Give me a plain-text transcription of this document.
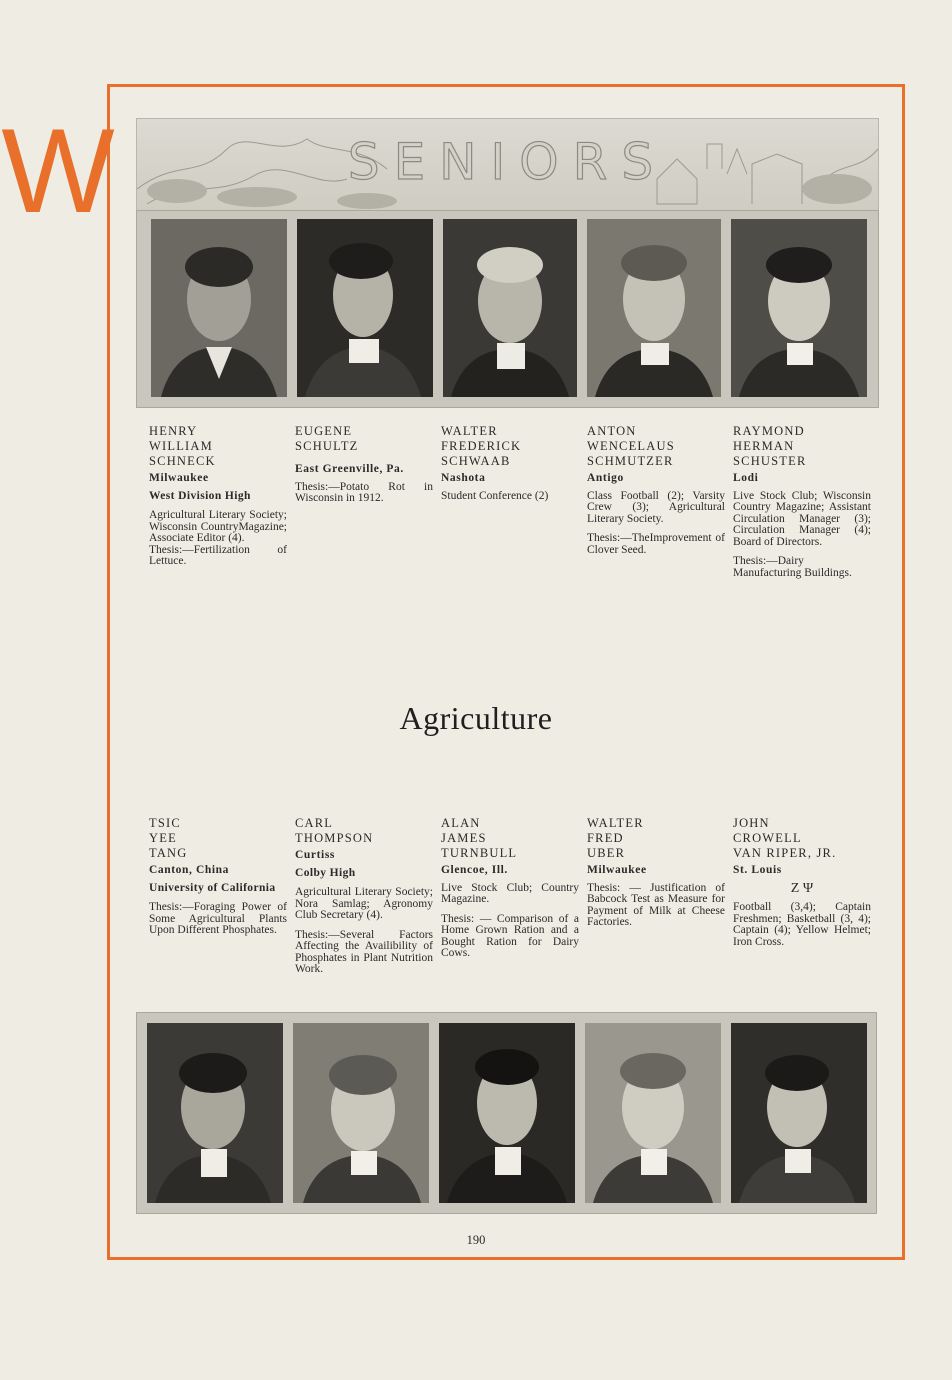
W	SENIORS
HENRY
WILLIAM
SCHNECK
Milwaukee
West Division High
Agricultural Literary Society; Wisconsin CountryMagazine; Associate Editor (4).
Thesis:—Fertilization of Lettuce.
EUGENE
SCHULTZ
East Greenville, Pa.
Thesis:—Potato Rot in Wisconsin in 1912.
WALTER
FREDERICK
SCHWAAB
Nashota
Student Conference (2)
ANTON
WENCELAUS
SCHMUTZER
Antigo
Class Football (2); Varsity Crew (3); Agricultural Literary Society.
Thesis:—TheImprovement of Clover Seed.
RAYMOND
HERMAN
SCHUSTER
Lodi
Live Stock Club; Wisconsin Country Magazine; Assistant Circulation Manager (3); Circulation Manager (4); Board of Directors.
Thesis:—Dairy Manufacturing Buildings.
Agriculture
TSIC
YEE
TANG
Canton, China
University of California
Thesis:—Foraging Power of Some Agricultural Plants Upon Different Phosphates.
CARL
THOMPSON
Curtiss
Colby High
Agricultural Literary Society; Nora Samlag; Agronomy Club Secretary (4).
Thesis:—Several Factors Affecting the Availibility of Phosphates in Plant Nutrition Work.
ALAN
JAMES
TURNBULL
Glencoe, Ill.
Live Stock Club; Country Magazine.
Thesis: — Comparison of a Home Grown Ration and a Bought Ration for Dairy Cows.
WALTER
FRED
UBER
Milwaukee
Thesis: — Justification of Babcock Test as Measure for Payment of Milk at Cheese Factories.
JOHN
CROWELL
VAN RIPER, JR.
St. Louis
Z Ψ
Football (3,4); Captain Freshmen; Basketball (3, 4); Captain (4); Yellow Helmet; Iron Cross.
190
